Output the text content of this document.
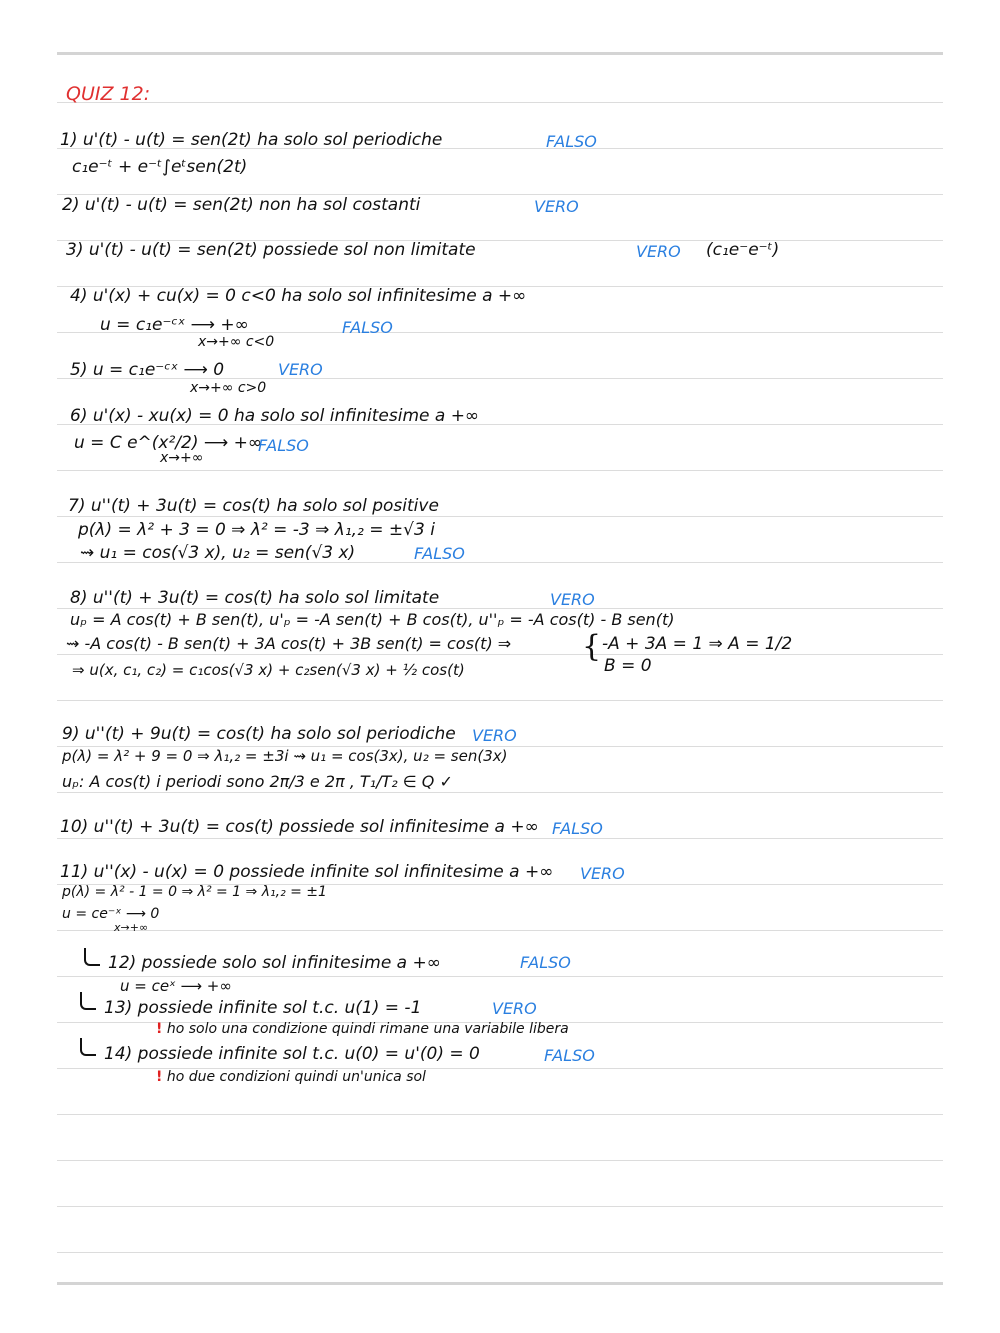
QUIZ 12:
1) u'(t) - u(t) = sen(2t) ha solo sol periodiche	FALSO
c₁e⁻ᵗ + e⁻ᵗ∫eᵗsen(2t)
2) u'(t) - u(t) = sen(2t) non ha sol costanti	VERO
3) u'(t) - u(t) = sen(2t) possiede sol non limitate	VERO (c₁e⁻e⁻ᵗ)
4) u'(x) + cu(x) = 0 c<0 ha solo sol infinitesime a +∞
u = c₁e⁻ᶜˣ ⟶ +∞
x→+∞ c<0
FALSO
5) u = c₁e⁻ᶜˣ ⟶ 0
x→+∞ c>0
VERO
6) u'(x) - xu(x) = 0 ha solo sol infinitesime a +∞
u = C e^(x²/2) ⟶ +∞
x→+∞
FALSO
7) u''(t) + 3u(t) = cos(t) ha solo sol positive
p(λ) = λ² + 3 = 0 ⇒ λ² = -3 ⇒ λ₁,₂ = ±√3 i
⇝ u₁ = cos(√3 x), u₂ = sen(√3 x)	FALSO
8) u''(t) + 3u(t) = cos(t) ha solo sol limitate	VERO
uₚ = A cos(t) + B sen(t), u'ₚ = -A sen(t) + B cos(t), u''ₚ = -A cos(t) - B sen(t)
⇝ -A cos(t) - B sen(t) + 3A cos(t) + 3B sen(t) = cos(t) ⇒ { -A + 3A = 1 ⇒ A = 1/2
B = 0
⇒ u(x, c₁, c₂) = c₁cos(√3 x) + c₂sen(√3 x) + ½ cos(t)
9) u''(t) + 9u(t) = cos(t) ha solo sol periodiche VERO
p(λ) = λ² + 9 = 0 ⇒ λ₁,₂ = ±3i ⇝ u₁ = cos(3x), u₂ = sen(3x)
uₚ: A cos(t) i periodi sono 2π/3 e 2π , T₁/T₂ ∈ Q ✓
10) u''(t) + 3u(t) = cos(t) possiede sol infinitesime a +∞ FALSO
11) u''(x) - u(x) = 0 possiede infinite sol infinitesime a +∞ VERO
p(λ) = λ² - 1 = 0 ⇒ λ² = 1 ⇒ λ₁,₂ = ±1
u = ce⁻ˣ ⟶ 0
x→+∞
12) possiede solo sol infinitesime a +∞	FALSO
u = ceˣ ⟶ +∞
13) possiede infinite sol t.c. u(1) = -1	VERO
! ho solo una condizione quindi rimane una variabile libera
14) possiede infinite sol t.c. u(0) = u'(0) = 0	FALSO
! ho due condizioni quindi un'unica sol
